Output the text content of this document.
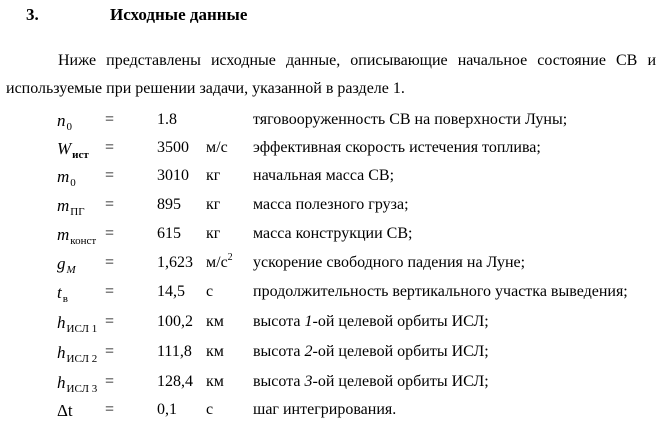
3.	Исходные данные
Ниже представлены исходные данные, описывающие начальное состояние СВ и
используемые при решении задачи, указанной в разделе 1.
$n_0$ =	1.8	тяговооруженность СВ на поверхности Луны;
$W_{ист}$ =	3500 м/с эффективная скорость истечения топлива;
$m_0$ =	3010 кг начальная масса СВ;
$m_{ПГ}$ =	895 кг масса полезного груза;
$m_{конст}$ =	615 кг масса конструкции СВ;
$g_M$ =	1,623 $м/с^2$ ускорение свободного падения на Луне;
$t_в$ =	14,5 с продолжительность вертикального участка выведения;
$h_{ИСЛ 1}$ =	100,2 км высота 1-ой целевой орбиты ИСЛ;
$h_{ИСЛ 2}$ =	111,8 км высота 2-ой целевой орбиты ИСЛ;
$h_{ИСЛ 3}$ =	128,4 км высота 3-ой целевой орбиты ИСЛ;
Δt =	0,1 с шаг интегрирования.
